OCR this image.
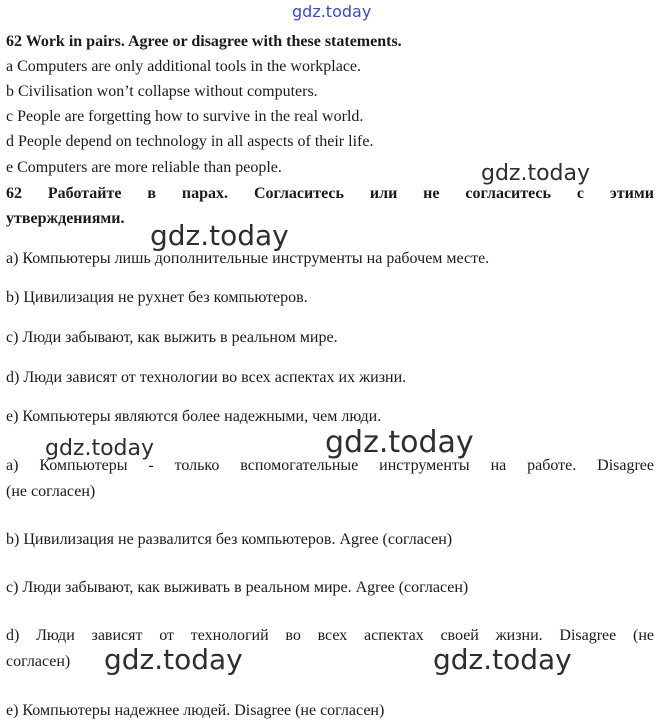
gdz.today
gdz.today
gdz.today
gdz.today	gdz.today
gdz.today	gdz.today
62 Work in pairs. Agree or disagree with these statements.
a Computers are only additional tools in the workplace.
b Civilisation won’t collapse without computers.
c People are forgetting how to survive in the real world.
d People depend on technology in all aspects of their life.
e Computers are more reliable than people.
62 Работайте в парах. Согласитесь или не согласитесь с этими
утверждениями.
а) Компьютеры лишь дополнительные инструменты на рабочем месте.
b) Цивилизация не рухнет без компьютеров.
c) Люди забывают, как выжить в реальном мире.
d) Люди зависят от технологии во всех аспектах их жизни.
e) Компьютеры являются более надежными, чем люди.
а) Компьютеры - только вспомогательные инструменты на работе. Disagree
(не согласен)
b) Цивилизация не развалится без компьютеров. Agree (согласен)
c) Люди забывают, как выживать в реальном мире. Agree (согласен)
d) Люди зависят от технологий во всех аспектах своей жизни. Disagree (не
согласен)
e) Компьютеры надежнее людей. Disagree (не согласен)
